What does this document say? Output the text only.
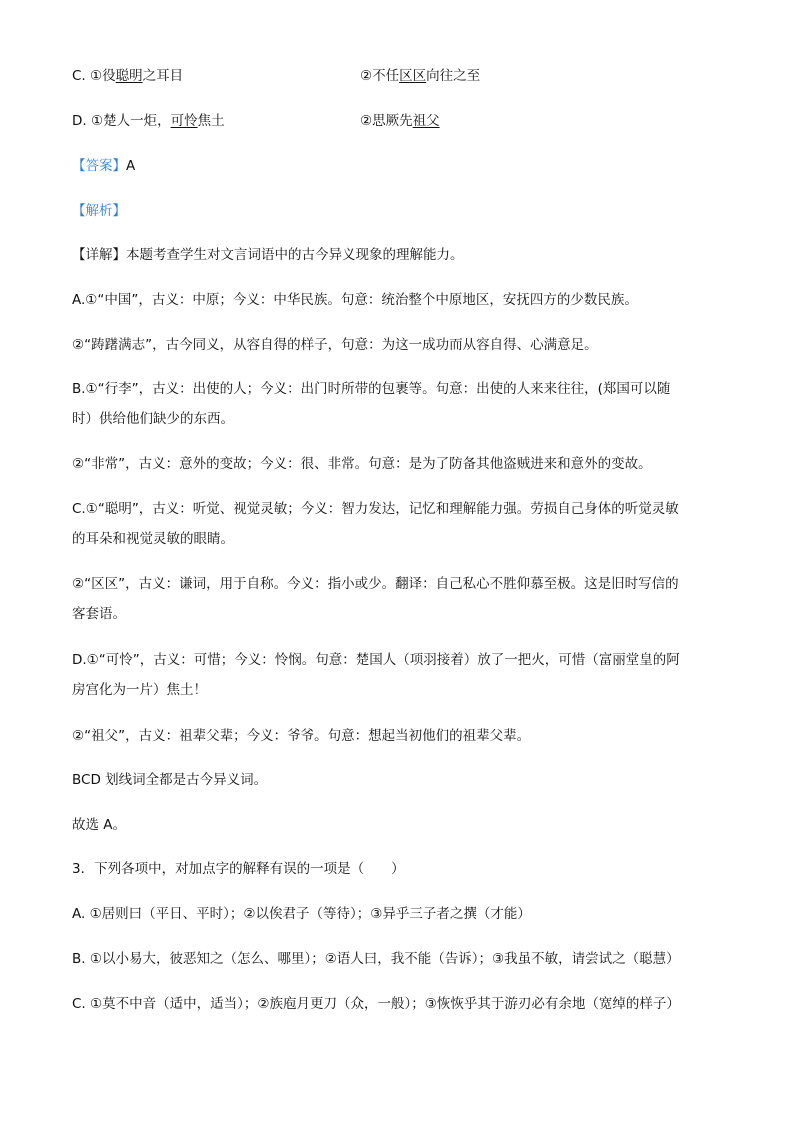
C. ①役聪明之耳目	②不任区区向往之至
D. ①楚人一炬，可怜焦土	②思厥先祖父
【答案】A
【解析】
【详解】本题考查学生对文言词语中的古今异义现象的理解能力。
A.①“中国”，古义：中原；今义：中华民族。句意：统治整个中原地区，安抚四方的少数民族。
②“踌躇满志”，古今同义，从容自得的样子，句意：为这一成功而从容自得、心满意足。
B.①“行李”，古义：出使的人；今义：出门时所带的包裹等。句意：出使的人来来往往，(郑国可以随
时）供给他们缺少的东西。
②“非常”，古义：意外的变故；今义：很、非常。句意：是为了防备其他盗贼进来和意外的变故。
C.①“聪明”，古义：听觉、视觉灵敏；今义：智力发达，记忆和理解能力强。劳损自己身体的听觉灵敏
的耳朵和视觉灵敏的眼睛。
②“区区”，古义：谦词，用于自称。今义：指小或少。翻译：自己私心不胜仰慕至极。这是旧时写信的
客套语。
D.①“可怜”，古义：可惜；今义：怜悯。句意：楚国人（项羽接着）放了一把火，可惜（富丽堂皇的阿
房宫化为一片）焦土！
②“祖父”，古义：祖辈父辈；今义：爷爷。句意：想起当初他们的祖辈父辈。
BCD 划线词全都是古今异义词。
故选 A。
3．下列各项中，对加点字的解释有误的一项是（　　）
A. ①居则曰（平日、平时）；②以俟君子（等待）；③异乎三子者之撰（才能）
B. ①以小易大，彼恶知之（怎么、哪里）；②语人曰，我不能（告诉）；③我虽不敏，请尝试之（聪慧）
C. ①莫不中音（适中，适当）；②族庖月更刀（众，一般）；③恢恢乎其于游刃必有余地（宽绰的样子）
